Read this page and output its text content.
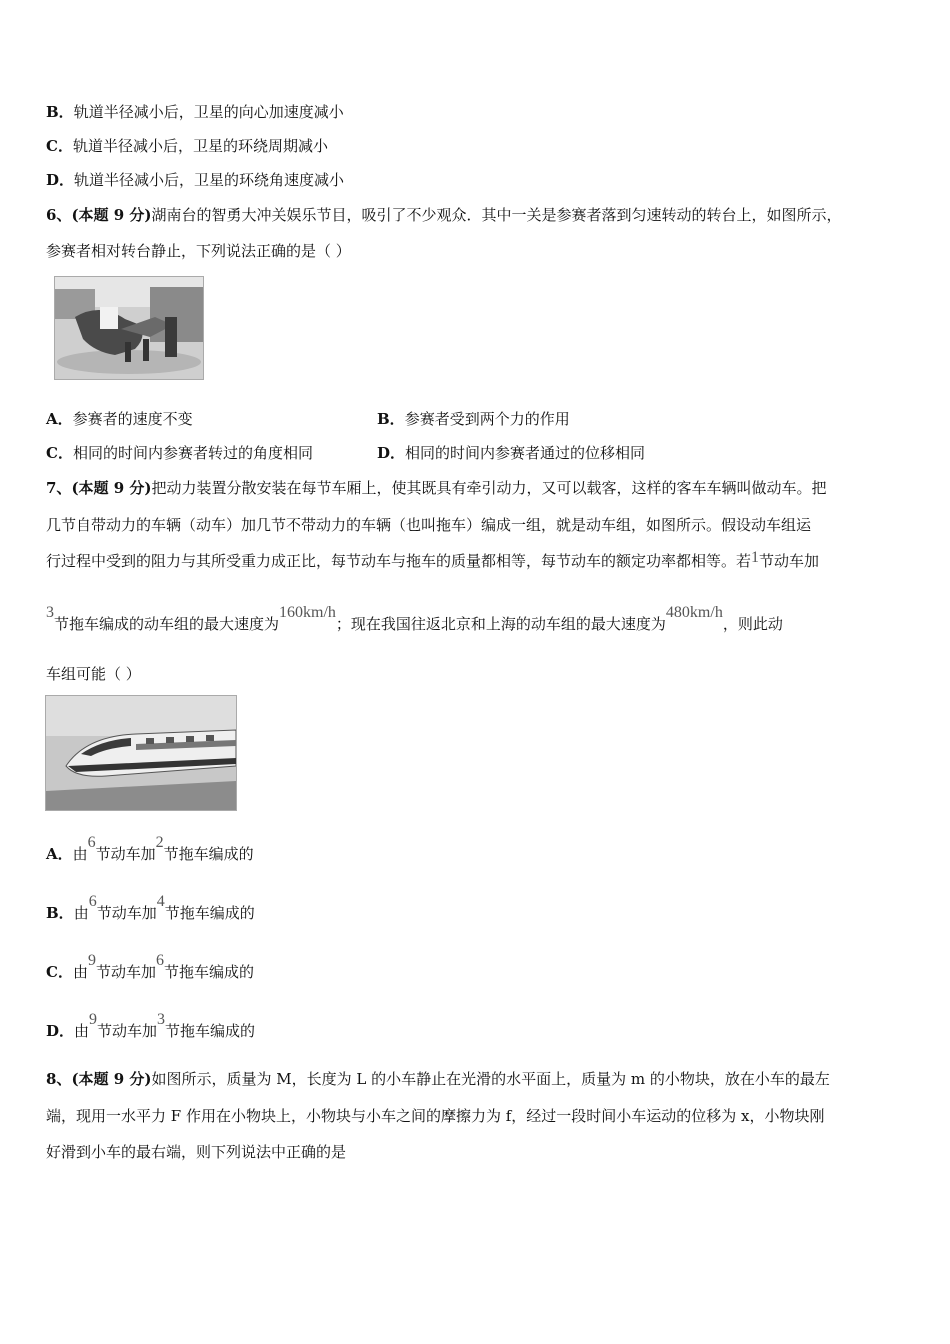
B．轨道半径减小后，卫星的向心加速度减小
C．轨道半径减小后，卫星的环绕周期减小
D．轨道半径减小后，卫星的环绕角速度减小
6、(本题 9 分)湖南台的智勇大冲关娱乐节目，吸引了不少观众．其中一关是参赛者落到匀速转动的转台上，如图所示，
参赛者相对转台静止，下列说法正确的是（ ）
A．参赛者的速度不变	B．参赛者受到两个力的作用
C．相同的时间内参赛者转过的角度相同	D．相同的时间内参赛者通过的位移相同
7、(本题 9 分)把动力装置分散安装在每节车厢上，使其既具有牵引动力，又可以载客，这样的客车车辆叫做动车。把
几节自带动力的车辆（动车）加几节不带动力的车辆（也叫拖车）编成一组，就是动车组，如图所示。假设动车组运
行过程中受到的阻力与其所受重力成正比，每节动车与拖车的质量都相等，每节动车的额定功率都相等。若1节动车加
3节拖车编成的动车组的最大速度为160km/h；现在我国往返北京和上海的动车组的最大速度为480km/h，则此动
车组可能（ ）
A．由6节动车加2节拖车编成的
B．由6节动车加4节拖车编成的
C．由9节动车加6节拖车编成的
D．由9节动车加3节拖车编成的
8、(本题 9 分)如图所示，质量为 M，长度为 L 的小车静止在光滑的水平面上，质量为 m 的小物块，放在小车的最左
端，现用一水平力 F 作用在小物块上，小物块与小车之间的摩擦力为 f，经过一段时间小车运动的位移为 x，小物块刚
好滑到小车的最右端，则下列说法中正确的是
